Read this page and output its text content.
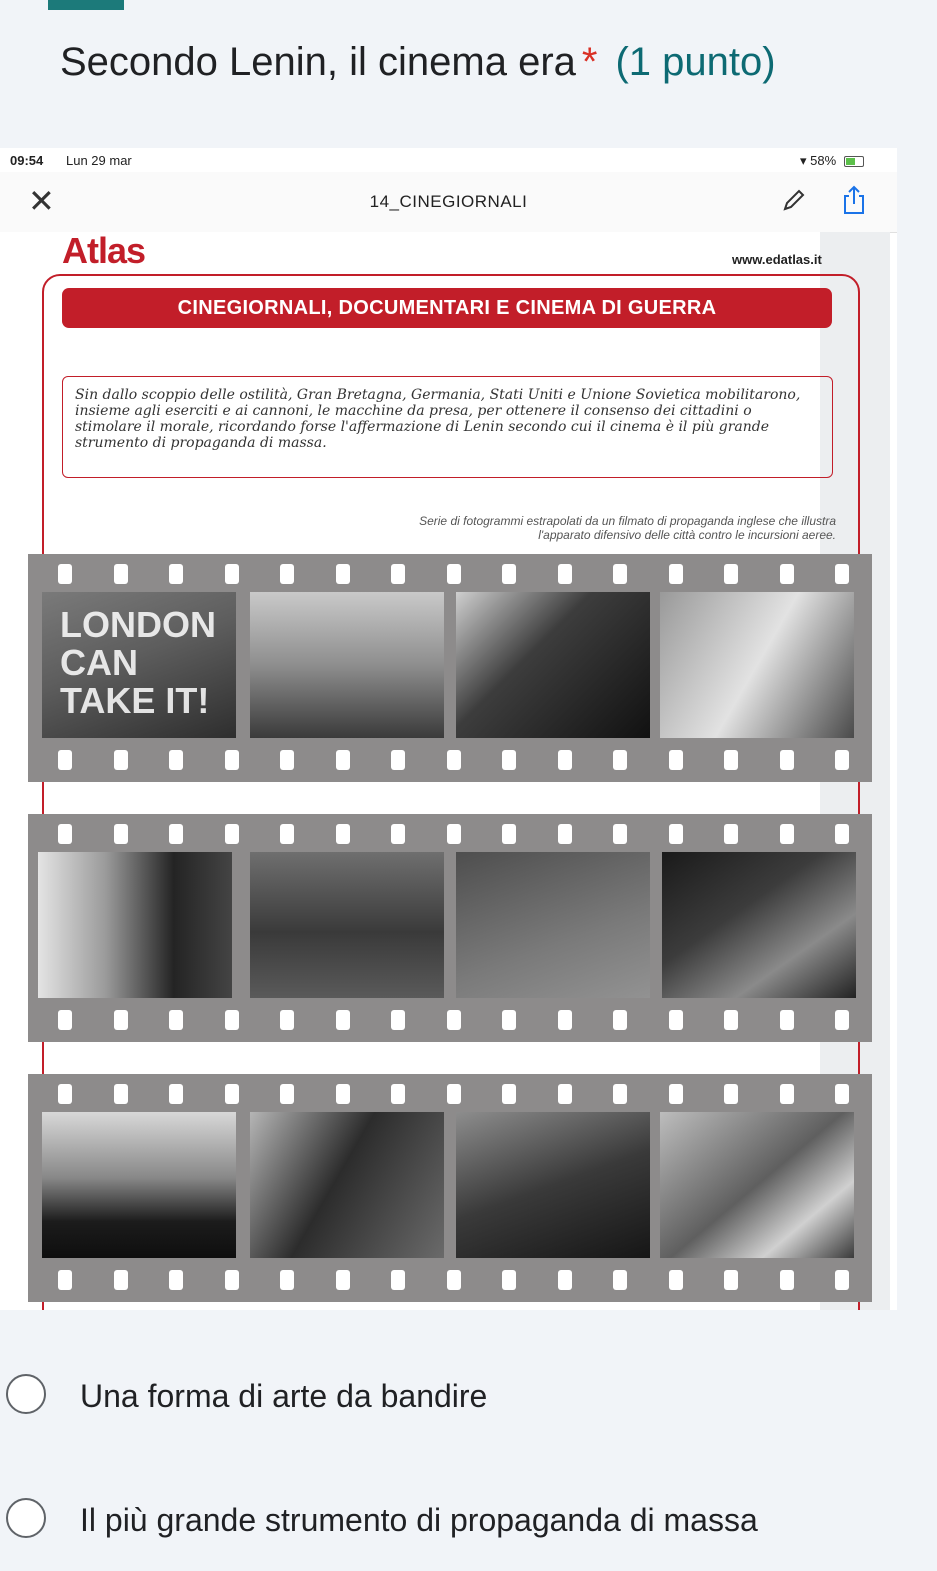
Secondo Lenin, il cinema era * (1 punto)
09:54 Lun 29 mar	▾ 58%
✕	14_CINEGIORNALI
Atlas	www.edatlas.it
CINEGIORNALI, DOCUMENTARI E CINEMA DI GUERRA
Sin dallo scoppio delle ostilità, Gran Bretagna, Germania, Stati Uniti e Unione Sovietica mobilitarono, insieme agli eserciti e ai cannoni, le macchine da presa, per ottenere il consenso dei cittadini o stimolare il morale, ricordando forse l'affermazione di Lenin secondo cui il cinema è il più grande strumento di propaganda di massa.
Serie di fotogrammi estrapolati da un filmato di propaganda inglese che illustra
l'apparato difensivo delle città contro le incursioni aeree.
LONDON CAN TAKE IT!
Una forma di arte da bandire
Il più grande strumento di propaganda di massa
